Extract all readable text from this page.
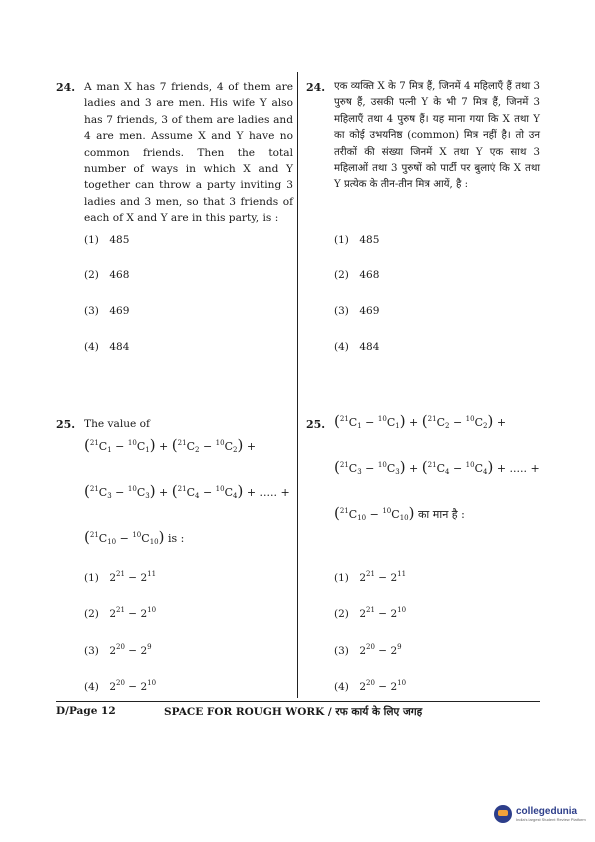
24. A man X has 7 friends, 4 of them are ladies and 3 are men. His wife Y also has 7 friends, 3 of them are ladies and 4 are men. Assume X and Y have no common friends. Then the total number of ways in which X and Y together can throw a party inviting 3 ladies and 3 men, so that 3 friends of each of X and Y are in this party, is :
24. एक व्यक्ति X के 7 मित्र हैं, जिनमें 4 महिलाएँ हैं तथा 3 पुरुष हैं, उसकी पत्नी Y के भी 7 मित्र हैं, जिनमें 3 महिलाएँ तथा 4 पुरुष हैं। यह माना गया कि X तथा Y का कोई उभयनिष्ठ (common) मित्र नहीं है। तो उन तरीकों की संख्या जिनमें X तथा Y एक साथ 3 महिलाओं तथा 3 पुरुषों को पार्टी पर बुलाएं कि X तथा Y प्रत्येक के तीन-तीन मित्र आयें, है :
(1) 485
(2) 468
(3) 469
(4) 484
(1) 485
(2) 468
(3) 469
(4) 484
25. The value of
$(^{21}C_1 - ^{10}C_1) + (^{21}C_2 - ^{10}C_2)$ +
$(^{21}C_3 - ^{10}C_3) + (^{21}C_4 - ^{10}C_4)$ + ..... +
$(^{21}C_{10} - ^{10}C_{10})$ is :
25. $(^{21}C_1 - ^{10}C_1) + (^{21}C_2 - ^{10}C_2)$ +
$(^{21}C_3 - ^{10}C_3) + (^{21}C_4 - ^{10}C_4)$ + ..... +
$(^{21}C_{10} - ^{10}C_{10})$ का मान है :
(1) $2^{21} - 2^{11}$
(2) $2^{21} - 2^{10}$
(3) $2^{20} - 2^9$
(4) $2^{20} - 2^{10}$
(1) $2^{21} - 2^{11}$
(2) $2^{21} - 2^{10}$
(3) $2^{20} - 2^9$
(4) $2^{20} - 2^{10}$
D/Page 12	SPACE FOR ROUGH WORK / रफ कार्य के लिए जगह
collegedunia
India's largest Student Review Platform
